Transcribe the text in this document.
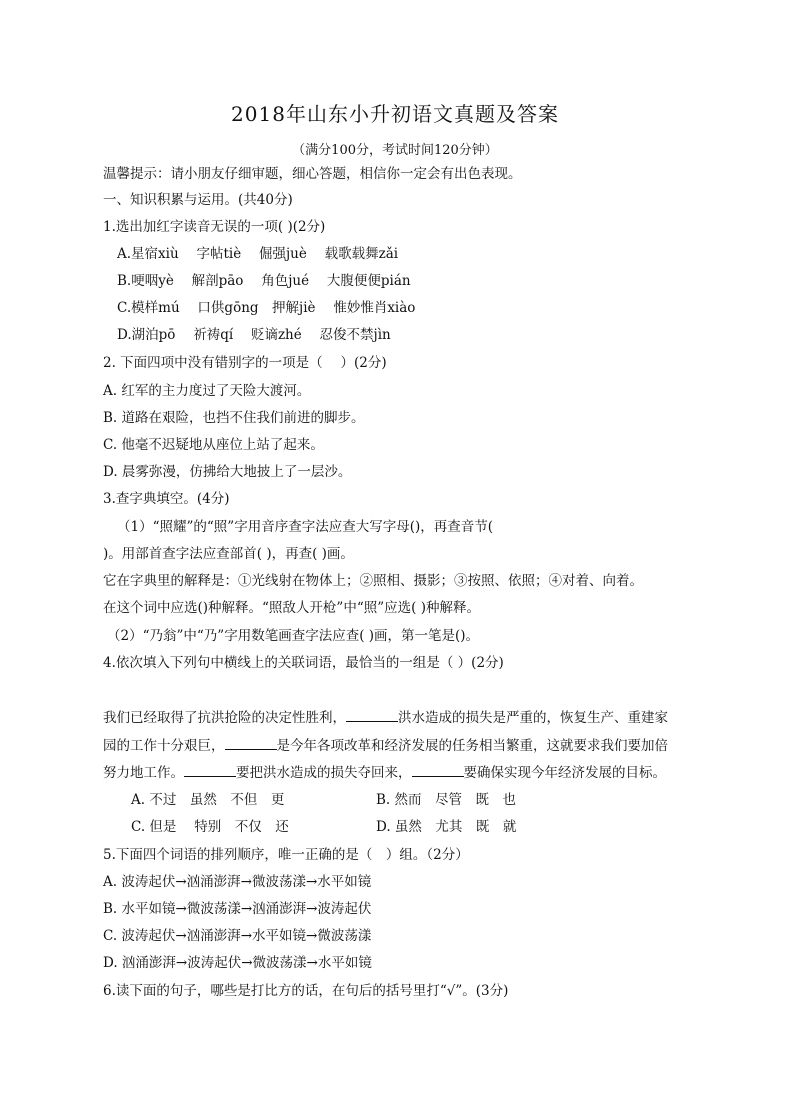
2018年山东小升初语文真题及答案
（满分100分，考试时间120分钟）
温馨提示：请小朋友仔细审题，细心答题，相信你一定会有出色表现。
一、知识积累与运用。(共40分)
1.选出加红字读音无误的一项( )(2分)
A.星宿xiù　 字帖tiè　 倔强juè　 载歌载舞zǎi
B.哽咽yè　 解剖pāo　 角色jué　 大腹便便pián
C.模样mú　 口供gōng　押解jiè　 惟妙惟肖xiào
D.湖泊pō　 祈祷qí　 贬谪zhé　 忍俊不禁jìn
2. 下面四项中没有错别字的一项是（　 ）(2分)
A. 红军的主力度过了天险大渡河。
B. 道路在艰险，也挡不住我们前进的脚步。
C. 他毫不迟疑地从座位上站了起来。
D. 晨雾弥漫，仿拂给大地披上了一层沙。
3.查字典填空。(4分)
（1）“照耀”的“照”字用音序查字法应查大写字母()，再查音节(
)。用部首查字法应查部首( )，再查( )画。
它在字典里的解释是：①光线射在物体上；②照相、摄影；③按照、依照；④对着、向着。
在这个词中应选()种解释。“照敌人开枪”中“照”应选( )种解释。
（2）“乃翁”中“乃”字用数笔画查字法应查( )画，第一笔是()。
4.依次填入下列句中横线上的关联词语，最恰当的一组是（ ）(2分)
我们已经取得了抗洪抢险的决定性胜利，	洪水造成的损失是严重的，恢复生产、重建家
园的工作十分艰巨，	是今年各项改革和经济发展的任务相当繁重，这就要求我们要加倍
努力地工作。	要把洪水造成的损失夺回来，	要确保实现今年经济发展的目标。
A. 不过　虽然　不但　更	B. 然而　尽管　既　也
C. 但是　 特别　不仅　还	D. 虽然　尤其　既　就
5.下面四个词语的排列顺序，唯一正确的是（　）组。（2分）
A. 波涛起伏→汹涌澎湃→微波荡漾→水平如镜
B. 水平如镜→微波荡漾→汹涌澎湃→波涛起伏
C. 波涛起伏→汹涌澎湃→水平如镜→微波荡漾
D. 汹涌澎湃→波涛起伏→微波荡漾→水平如镜
6.读下面的句子，哪些是打比方的话，在句后的括号里打“√”。(3分)
